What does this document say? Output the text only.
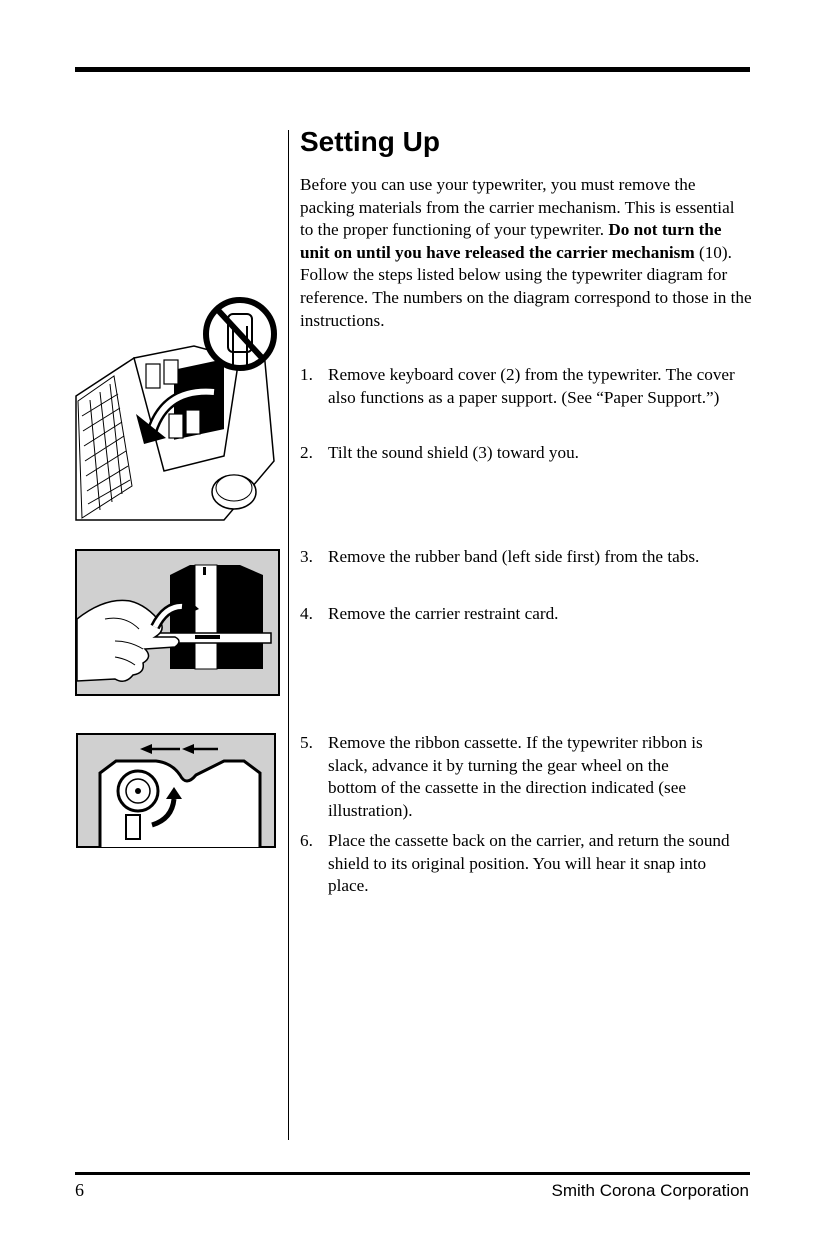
Setting Up

Before you can use your typewriter, you must remove the packing materials from the carrier mechanism. This is essential to the proper functioning of your typewriter. Do not turn the unit on until you have released the carrier mechanism (10). Follow the steps listed below using the typewriter diagram for reference. The numbers on the diagram correspond to those in the instructions.

1. Remove keyboard cover (2) from the typewriter. The cover also functions as a paper support. (See “Paper Support.”)
2. Tilt the sound shield (3) toward you.
3. Remove the rubber band (left side first) from the tabs.
4. Remove the carrier restraint card.
5. Remove the ribbon cassette. If the typewriter ribbon is slack, advance it by turning the gear wheel on the bottom of the cassette in the direction indicated (see illustration).
6. Place the cassette back on the carrier, and return the sound shield to its original position. You will hear it snap into place.
6	Smith Corona Corporation
